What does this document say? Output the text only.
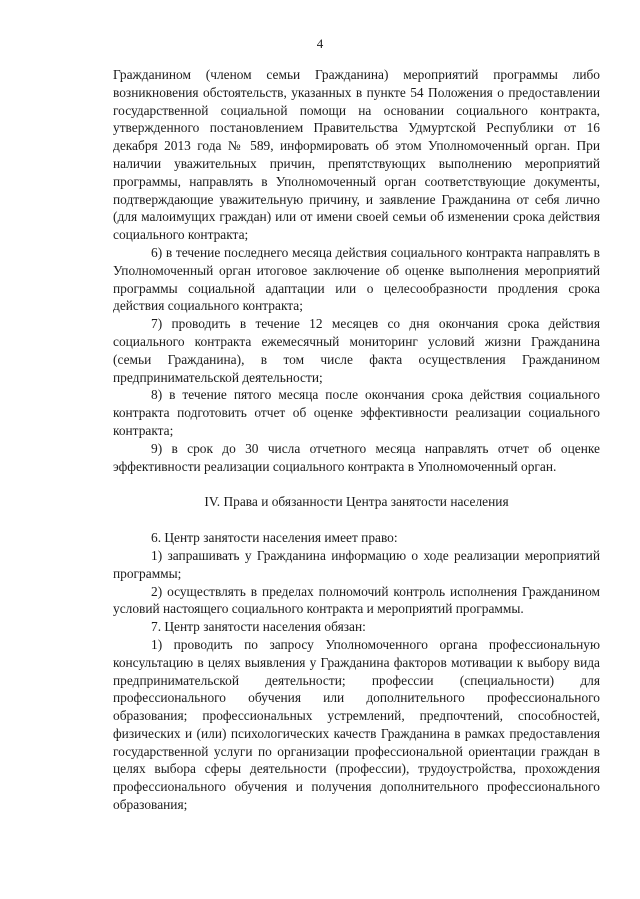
4

Гражданином (членом семьи Гражданина) мероприятий программы либо возникновения обстоятельств, указанных в пункте 54 Положения о предоставлении государственной социальной помощи на основании социального контракта, утвержденного постановлением Правительства Удмуртской Республики от 16 декабря 2013 года № 589, информировать об этом Уполномоченный орган. При наличии уважительных причин, препятствующих выполнению мероприятий программы, направлять в Уполномоченный орган соответствующие документы, подтверждающие уважительную причину, и заявление Гражданина от себя лично (для малоимущих граждан) или от имени своей семьи об изменении срока действия социального контракта;

6) в течение последнего месяца действия социального контракта направлять в Уполномоченный орган итоговое заключение об оценке выполнения мероприятий программы социальной адаптации или о целесообразности продления срока действия социального контракта;

7) проводить в течение 12 месяцев со дня окончания срока действия социального контракта ежемесячный мониторинг условий жизни Гражданина (семьи Гражданина), в том числе факта осуществления Гражданином предпринимательской деятельности;

8) в течение пятого месяца после окончания срока действия социального контракта подготовить отчет об оценке эффективности реализации социального контракта;

9) в срок до 30 числа отчетного месяца направлять отчет об оценке эффективности реализации социального контракта в Уполномоченный орган.

IV. Права и обязанности Центра занятости населения

6. Центр занятости населения имеет право:

1) запрашивать у Гражданина информацию о ходе реализации мероприятий программы;

2) осуществлять в пределах полномочий контроль исполнения Гражданином условий настоящего социального контракта и мероприятий программы.

7. Центр занятости населения обязан:

1) проводить по запросу Уполномоченного органа профессиональную консультацию в целях выявления у Гражданина факторов мотивации к выбору вида предпринимательской деятельности; профессии (специальности) для профессионального обучения или дополнительного профессионального образования; профессиональных устремлений, предпочтений, способностей, физических и (или) психологических качеств Гражданина в рамках предоставления государственной услуги по организации профессиональной ориентации граждан в целях выбора сферы деятельности (профессии), трудоустройства, прохождения профессионального обучения и получения дополнительного профессионального образования;
